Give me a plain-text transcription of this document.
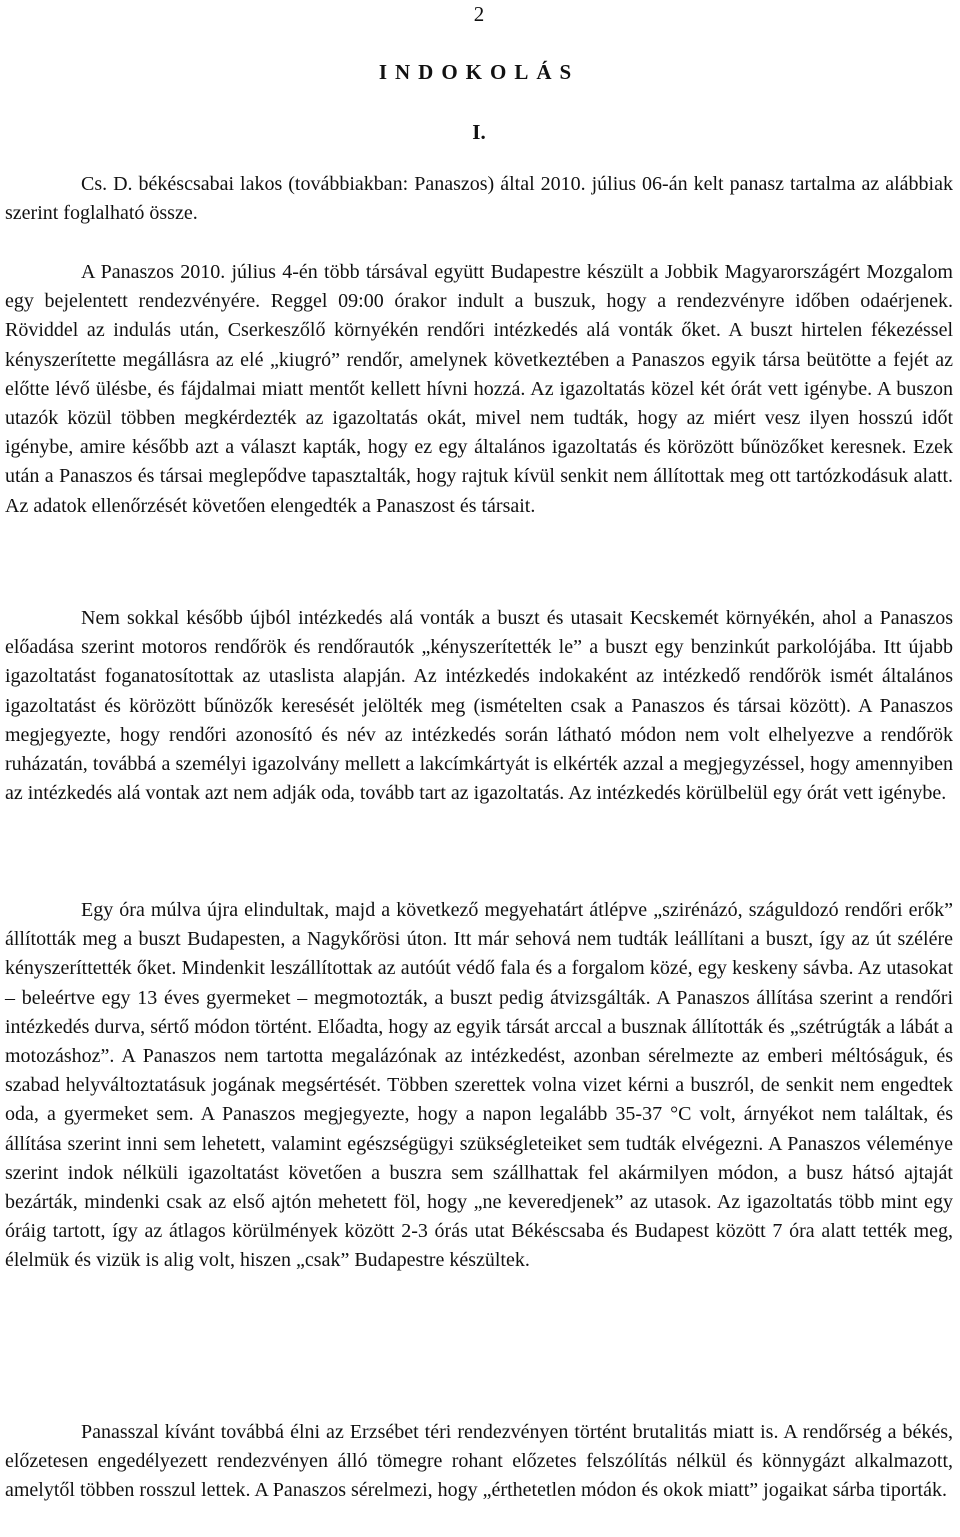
2
INDOKOLÁS
I.

Cs. D. békéscsabai lakos (továbbiakban: Panaszos) által 2010. július 06-án kelt panasz tartalma az alábbiak szerint foglalható össze.

A Panaszos 2010. július 4-én több társával együtt Budapestre készült a Jobbik Magyarországért Mozgalom egy bejelentett rendezvényére. Reggel 09:00 órakor indult a buszuk, hogy a rendezvényre időben odaérjenek. Röviddel az indulás után, Cserkeszőlő környékén rendőri intézkedés alá vonták őket. A buszt hirtelen fékezéssel kényszerítette megállásra az elé „kiugró” rendőr, amelynek következtében a Panaszos egyik társa beütötte a fejét az előtte lévő ülésbe, és fájdalmai miatt mentőt kellett hívni hozzá. Az igazoltatás közel két órát vett igénybe. A buszon utazók közül többen megkérdezték az igazoltatás okát, mivel nem tudták, hogy az miért vesz ilyen hosszú időt igénybe, amire később azt a választ kapták, hogy ez egy általános igazoltatás és körözött bűnözőket keresnek. Ezek után a Panaszos és társai meglepődve tapasztalták, hogy rajtuk kívül senkit nem állítottak meg ott tartózkodásuk alatt. Az adatok ellenőrzését követően elengedték a Panaszost és társait.

Nem sokkal később újból intézkedés alá vonták a buszt és utasait Kecskemét környékén, ahol a Panaszos előadása szerint motoros rendőrök és rendőrautók „kényszerítették le” a buszt egy benzinkút parkolójába. Itt újabb igazoltatást foganatosítottak az utaslista alapján. Az intézkedés indokaként az intézkedő rendőrök ismét általános igazoltatást és körözött bűnözők keresését jelölték meg (ismételten csak a Panaszos és társai között). A Panaszos megjegyezte, hogy rendőri azonosító és név az intézkedés során látható módon nem volt elhelyezve a rendőrök ruházatán, továbbá a személyi igazolvány mellett a lakcímkártyát is elkérték azzal a megjegyzéssel, hogy amennyiben az intézkedés alá vontak azt nem adják oda, tovább tart az igazoltatás. Az intézkedés körülbelül egy órát vett igénybe.

Egy óra múlva újra elindultak, majd a következő megyehatárt átlépve „szirénázó, száguldozó rendőri erők” állították meg a buszt Budapesten, a Nagykőrösi úton. Itt már sehová nem tudták leállítani a buszt, így az út szélére kényszeríttették őket. Mindenkit leszállítottak az autóút védő fala és a forgalom közé, egy keskeny sávba. Az utasokat – beleértve egy 13 éves gyermeket – megmotozták, a buszt pedig átvizsgálták. A Panaszos állítása szerint a rendőri intézkedés durva, sértő módon történt. Előadta, hogy az egyik társát arccal a busznak állították és „szétrúgták a lábát a motozáshoz”. A Panaszos nem tartotta megalázónak az intézkedést, azonban sérelmezte az emberi méltóságuk, és szabad helyváltoztatásuk jogának megsértését. Többen szerettek volna vizet kérni a buszról, de senkit nem engedtek oda, a gyermeket sem. A Panaszos megjegyezte, hogy a napon legalább 35-37 °C volt, árnyékot nem találtak, és állítása szerint inni sem lehetett, valamint egészségügyi szükségleteiket sem tudták elvégezni. A Panaszos véleménye szerint indok nélküli igazoltatást követően a buszra sem szállhattak fel akármilyen módon, a busz hátsó ajtaját bezárták, mindenki csak az első ajtón mehetett föl, hogy „ne keveredjenek” az utasok. Az igazoltatás több mint egy óráig tartott, így az átlagos körülmények között 2-3 órás utat Békéscsaba és Budapest között 7 óra alatt tették meg, élelmük és vizük is alig volt, hiszen „csak” Budapestre készültek.

Panasszal kívánt továbbá élni az Erzsébet téri rendezvényen történt brutalitás miatt is. A rendőrség a békés, előzetesen engedélyezett rendezvényen álló tömegre rohant előzetes felszólítás nélkül és könnygázt alkalmazott, amelytől többen rosszul lettek. A Panaszos sérelmezi, hogy „érthetetlen módon és okok miatt” jogaikat sárba tiporták.
